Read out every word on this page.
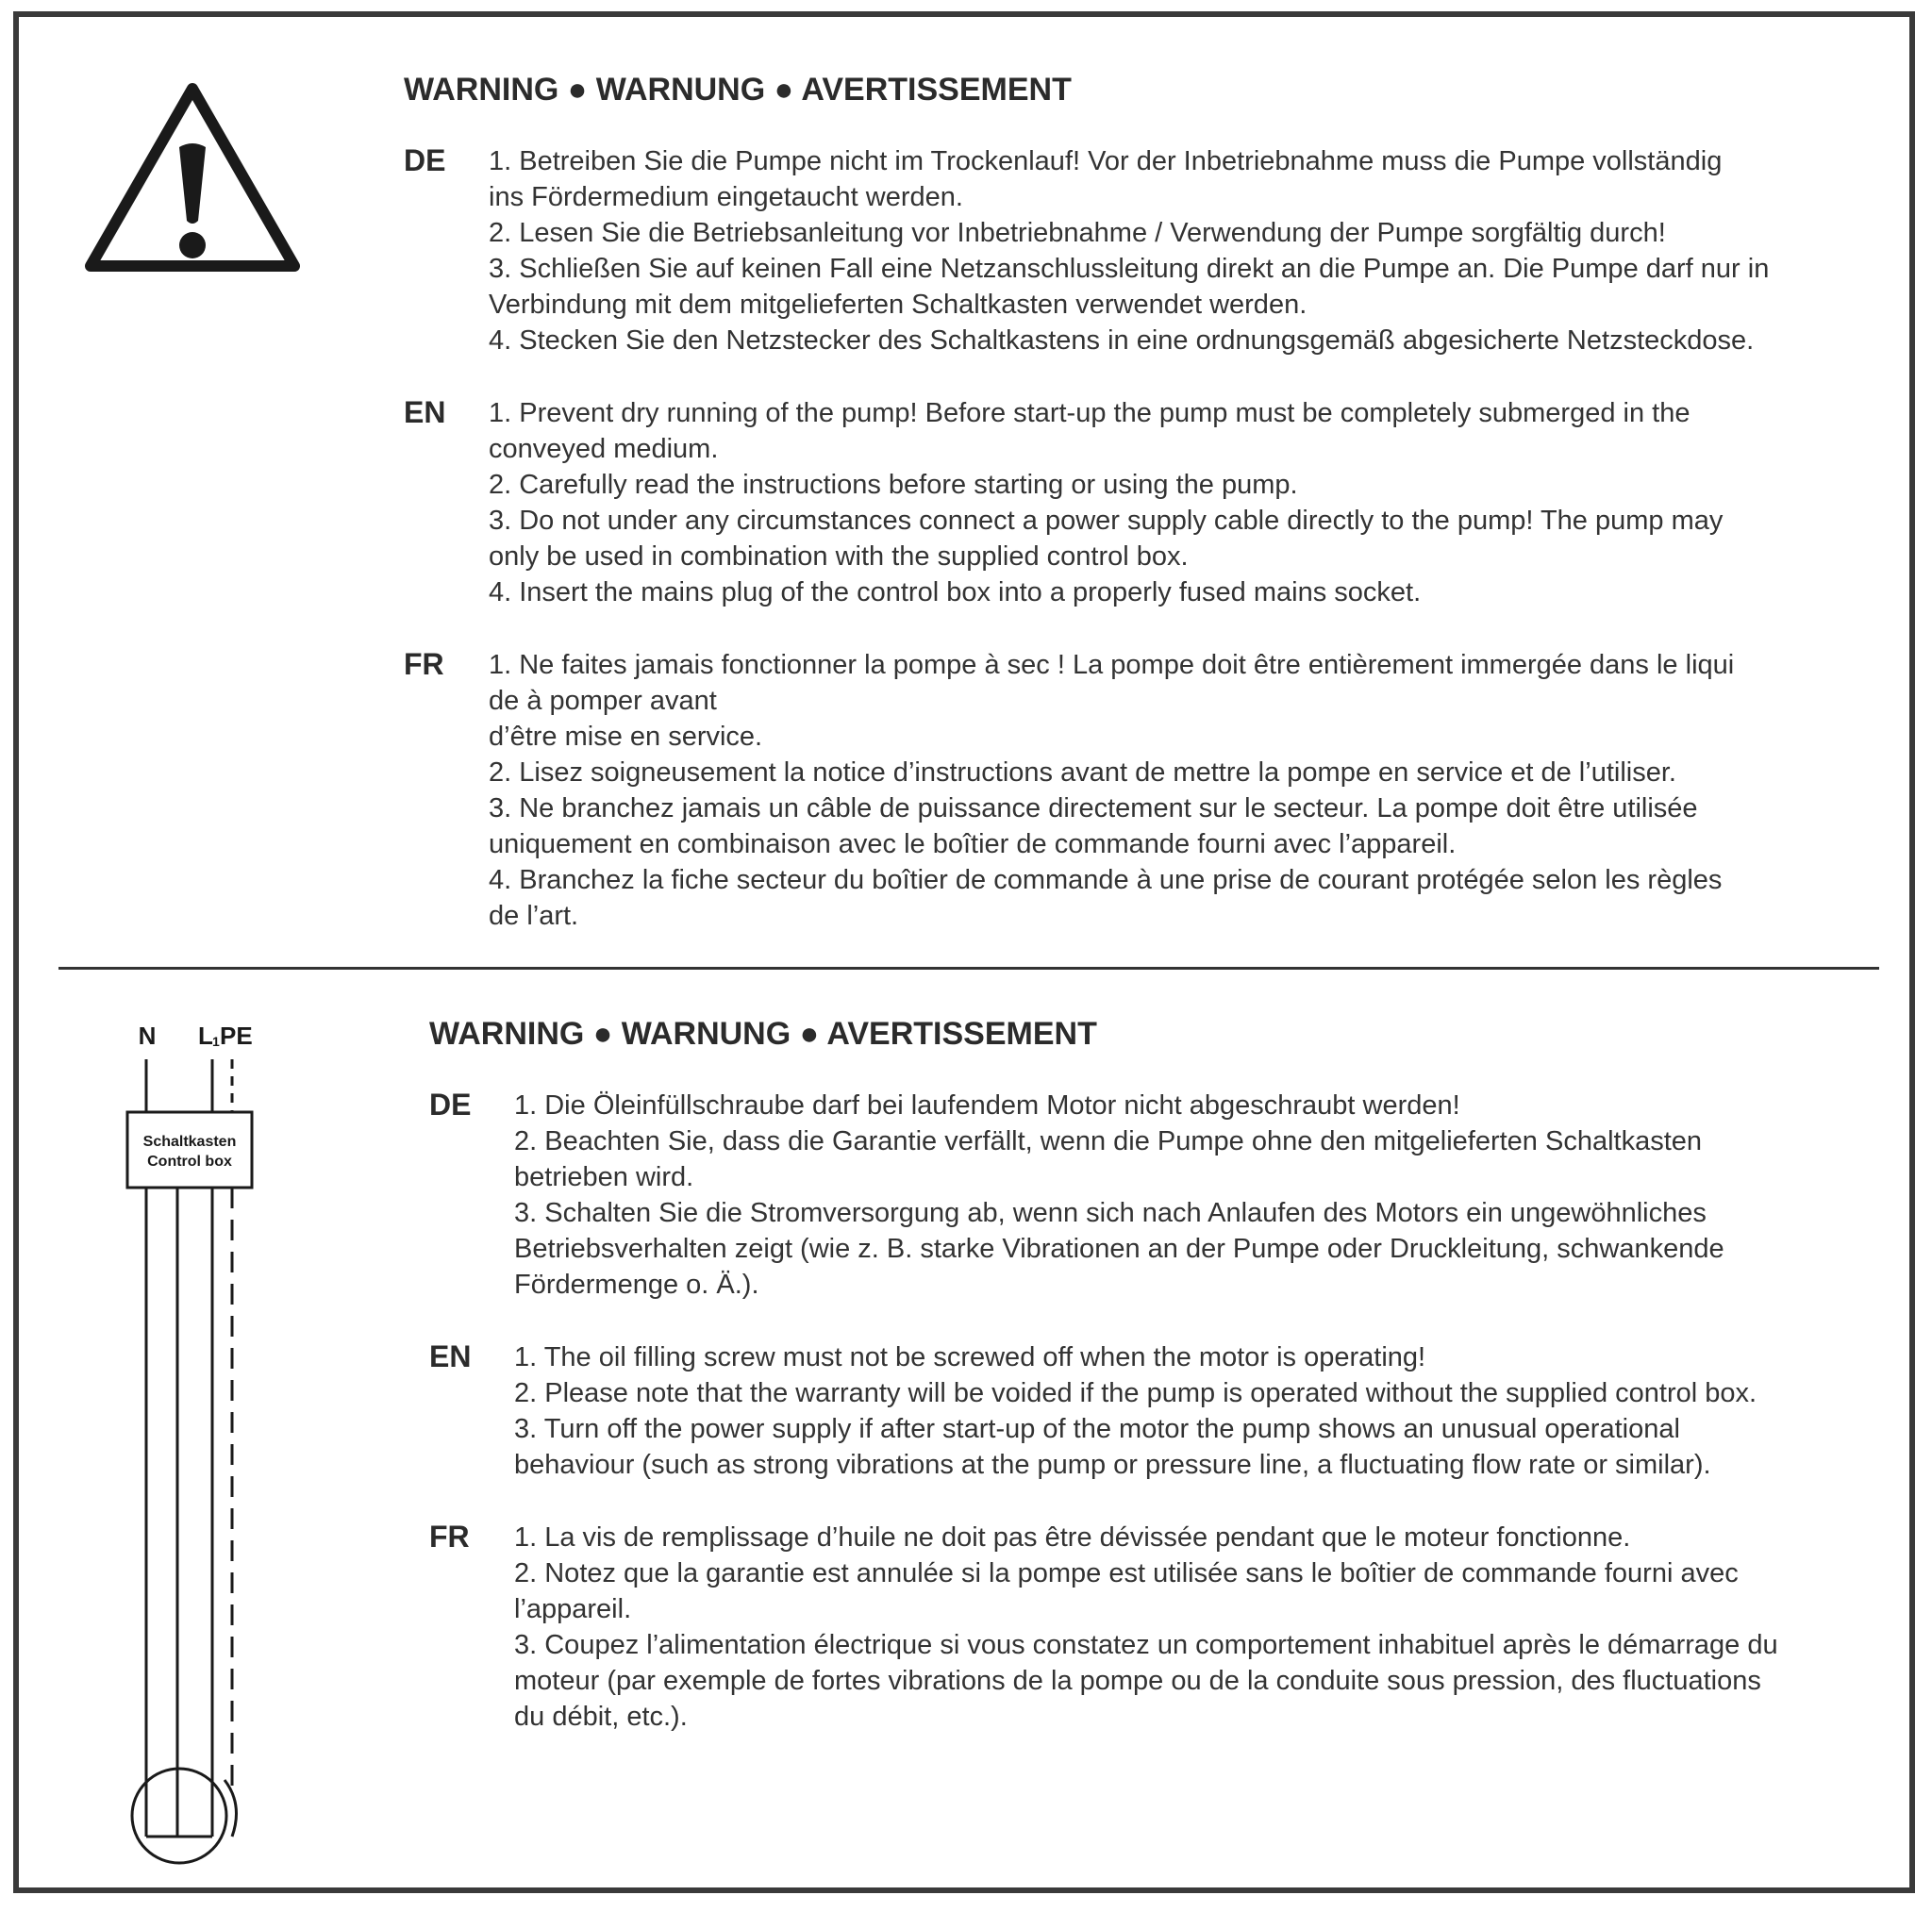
WARNING ● WARNUNG ● AVERTISSEMENT
DE 1. Betreiben Sie die Pumpe nicht im Trockenlauf! Vor der Inbetriebnahme muss die Pumpe vollständig
ins Fördermedium eingetaucht werden.
2. Lesen Sie die Betriebsanleitung vor Inbetriebnahme / Verwendung der Pumpe sorgfältig durch!
3. Schließen Sie auf keinen Fall eine Netzanschlussleitung direkt an die Pumpe an. Die Pumpe darf nur in
Verbindung mit dem mitgelieferten Schaltkasten verwendet werden.
4. Stecken Sie den Netzstecker des Schaltkastens in eine ordnungsgemäß abgesicherte Netzsteckdose.
EN 1. Prevent dry running of the pump! Before start-up the pump must be completely submerged in the
conveyed medium.
2. Carefully read the instructions before starting or using the pump.
3. Do not under any circumstances connect a power supply cable directly to the pump! The pump may
only be used in combination with the supplied control box.
4. Insert the mains plug of the control box into a properly fused mains socket.
FR 1. Ne faites jamais fonctionner la pompe à sec ! La pompe doit être entièrement immergée dans le liqui
de à pomper avant
d’être mise en service.
2. Lisez soigneusement la notice d’instructions avant de mettre la pompe en service et de l’utiliser.
3. Ne branchez jamais un câble de puissance directement sur le secteur. La pompe doit être utilisée
uniquement en combinaison avec le boîtier de commande fourni avec l’appareil.
4. Branchez la fiche secteur du boîtier de commande à une prise de courant protégée selon les règles
de l’art.
N L 1 PE
Schaltkasten
Control box
WARNING ● WARNUNG ● AVERTISSEMENT
DE 1. Die Öleinfüllschraube darf bei laufendem Motor nicht abgeschraubt werden!
2. Beachten Sie, dass die Garantie verfällt, wenn die Pumpe ohne den mitgelieferten Schaltkasten
betrieben wird.
3. Schalten Sie die Stromversorgung ab, wenn sich nach Anlaufen des Motors ein ungewöhnliches
Betriebsverhalten zeigt (wie z. B. starke Vibrationen an der Pumpe oder Druckleitung, schwankende
Fördermenge o. Ä.).
EN 1. The oil filling screw must not be screwed off when the motor is operating!
2. Please note that the warranty will be voided if the pump is operated without the supplied control box.
3. Turn off the power supply if after start-up of the motor the pump shows an unusual operational
behaviour (such as strong vibrations at the pump or pressure line, a fluctuating flow rate or similar).
FR 1. La vis de remplissage d’huile ne doit pas être dévissée pendant que le moteur fonctionne.
2. Notez que la garantie est annulée si la pompe est utilisée sans le boîtier de commande fourni avec
l’appareil.
3. Coupez l’alimentation électrique si vous constatez un comportement inhabituel après le démarrage du
moteur (par exemple de fortes vibrations de la pompe ou de la conduite sous pression, des fluctuations
du débit, etc.).
